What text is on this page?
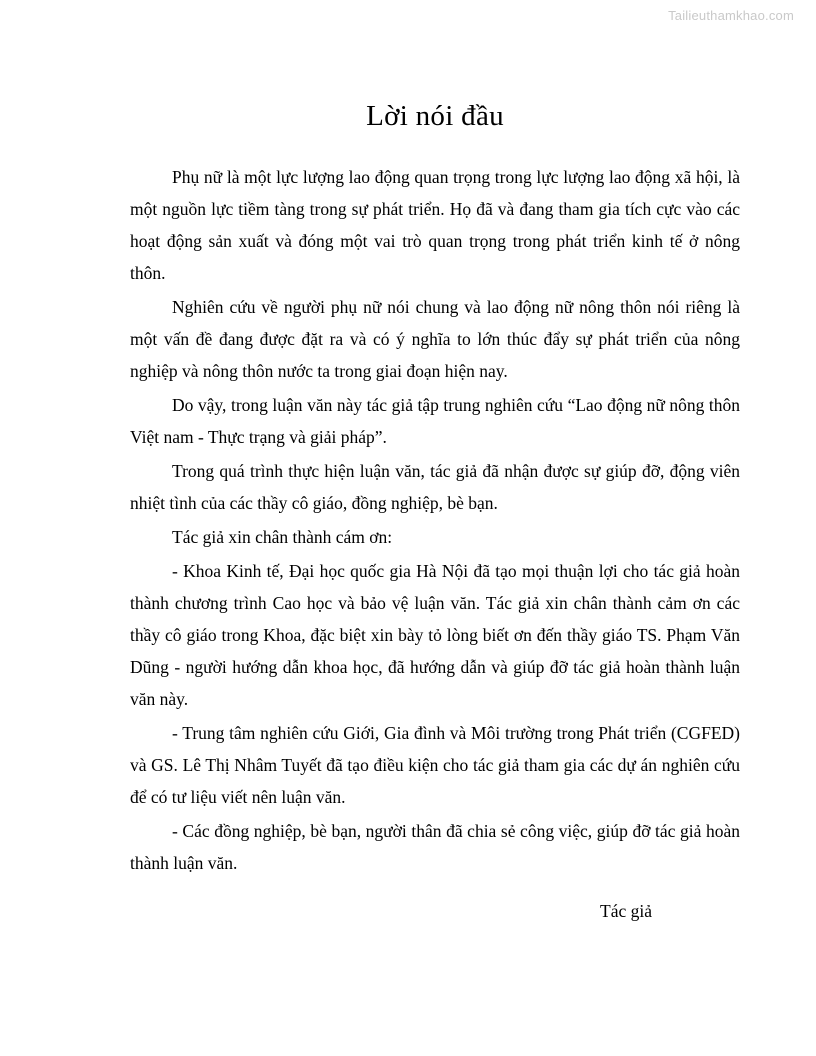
Tailieuthamkhao.com
Lời nói đầu

Phụ nữ là một lực lượng lao động quan trọng trong lực lượng lao động xã hội, là một nguồn lực tiềm tàng trong sự phát triển. Họ đã và đang tham gia tích cực vào các hoạt động sản xuất và đóng một vai trò quan trọng trong phát triển kinh tế ở nông thôn.

Nghiên cứu về người phụ nữ nói chung và lao động nữ nông thôn nói riêng là một vấn đề đang được đặt ra và có ý nghĩa to lớn thúc đẩy sự phát triển của nông nghiệp và nông thôn nước ta trong giai đoạn hiện nay.

Do vậy, trong luận văn này tác giả tập trung nghiên cứu “Lao động nữ nông thôn Việt nam - Thực trạng và giải pháp”.

Trong quá trình thực hiện luận văn, tác giả đã nhận được sự giúp đỡ, động viên nhiệt tình của các thầy cô giáo, đồng nghiệp, bè bạn.

Tác giả xin chân thành cám ơn:

- Khoa Kinh tế, Đại học quốc gia Hà Nội đã tạo mọi thuận lợi cho tác giả hoàn thành chương trình Cao học và bảo vệ luận văn. Tác giả xin chân thành cảm ơn các thầy cô giáo trong Khoa, đặc biệt xin bày tỏ lòng biết ơn đến thầy giáo TS. Phạm Văn Dũng - người hướng dẫn khoa học, đã hướng dẫn và giúp đỡ tác giả hoàn thành luận văn này.

- Trung tâm nghiên cứu Giới, Gia đình và Môi trường trong Phát triển (CGFED) và GS. Lê Thị Nhâm Tuyết đã tạo điều kiện cho tác giả tham gia các dự án nghiên cứu để có tư liệu viết nên luận văn.

- Các đồng nghiệp, bè bạn, người thân đã chia sẻ công việc, giúp đỡ tác giả hoàn thành luận văn.

Tác giả
